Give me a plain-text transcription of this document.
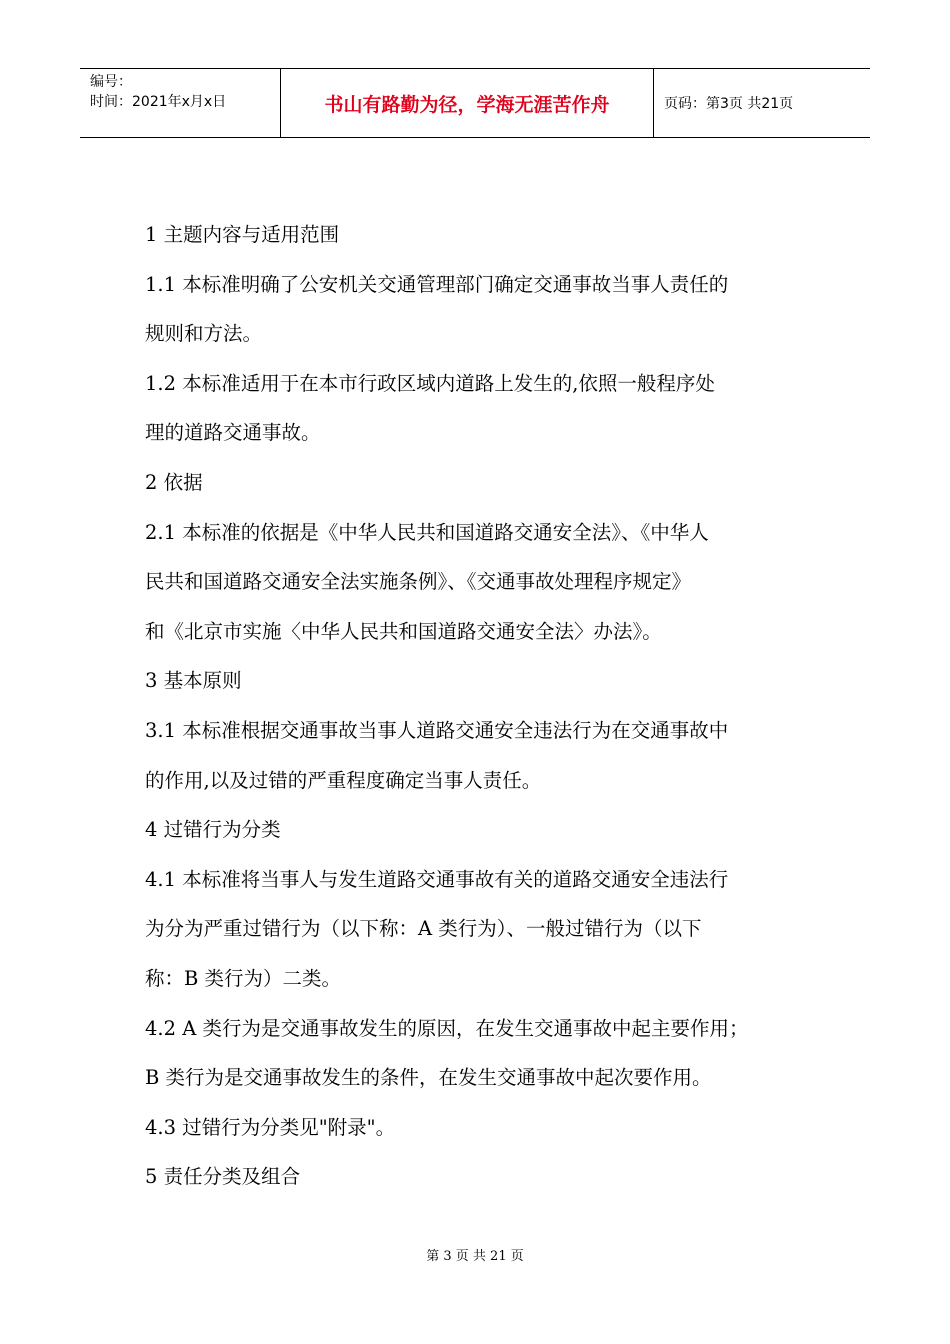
编号：
时间：2021年x月x日	书山有路勤为径，学海无涯苦作舟	页码：第3页 共21页
1 主题内容与适用范围
1.1 本标准明确了公安机关交通管理部门确定交通事故当事人责任的
规则和方法。
1.2 本标准适用于在本市行政区域内道路上发生的,依照一般程序处
理的道路交通事故。
2 依据
2.1 本标准的依据是《中华人民共和国道路交通安全法》、《中华人
民共和国道路交通安全法实施条例》、《交通事故处理程序规定》
和《北京市实施〈中华人民共和国道路交通安全法〉办法》。
3 基本原则
3.1 本标准根据交通事故当事人道路交通安全违法行为在交通事故中
的作用,以及过错的严重程度确定当事人责任。
4 过错行为分类
4.1 本标准将当事人与发生道路交通事故有关的道路交通安全违法行
为分为严重过错行为（以下称：A 类行为）、一般过错行为（以下
称：B 类行为）二类。
4.2 A 类行为是交通事故发生的原因，在发生交通事故中起主要作用；
B 类行为是交通事故发生的条件，在发生交通事故中起次要作用。
4.3 过错行为分类见"附录"。
5 责任分类及组合
第 3 页 共 21 页
